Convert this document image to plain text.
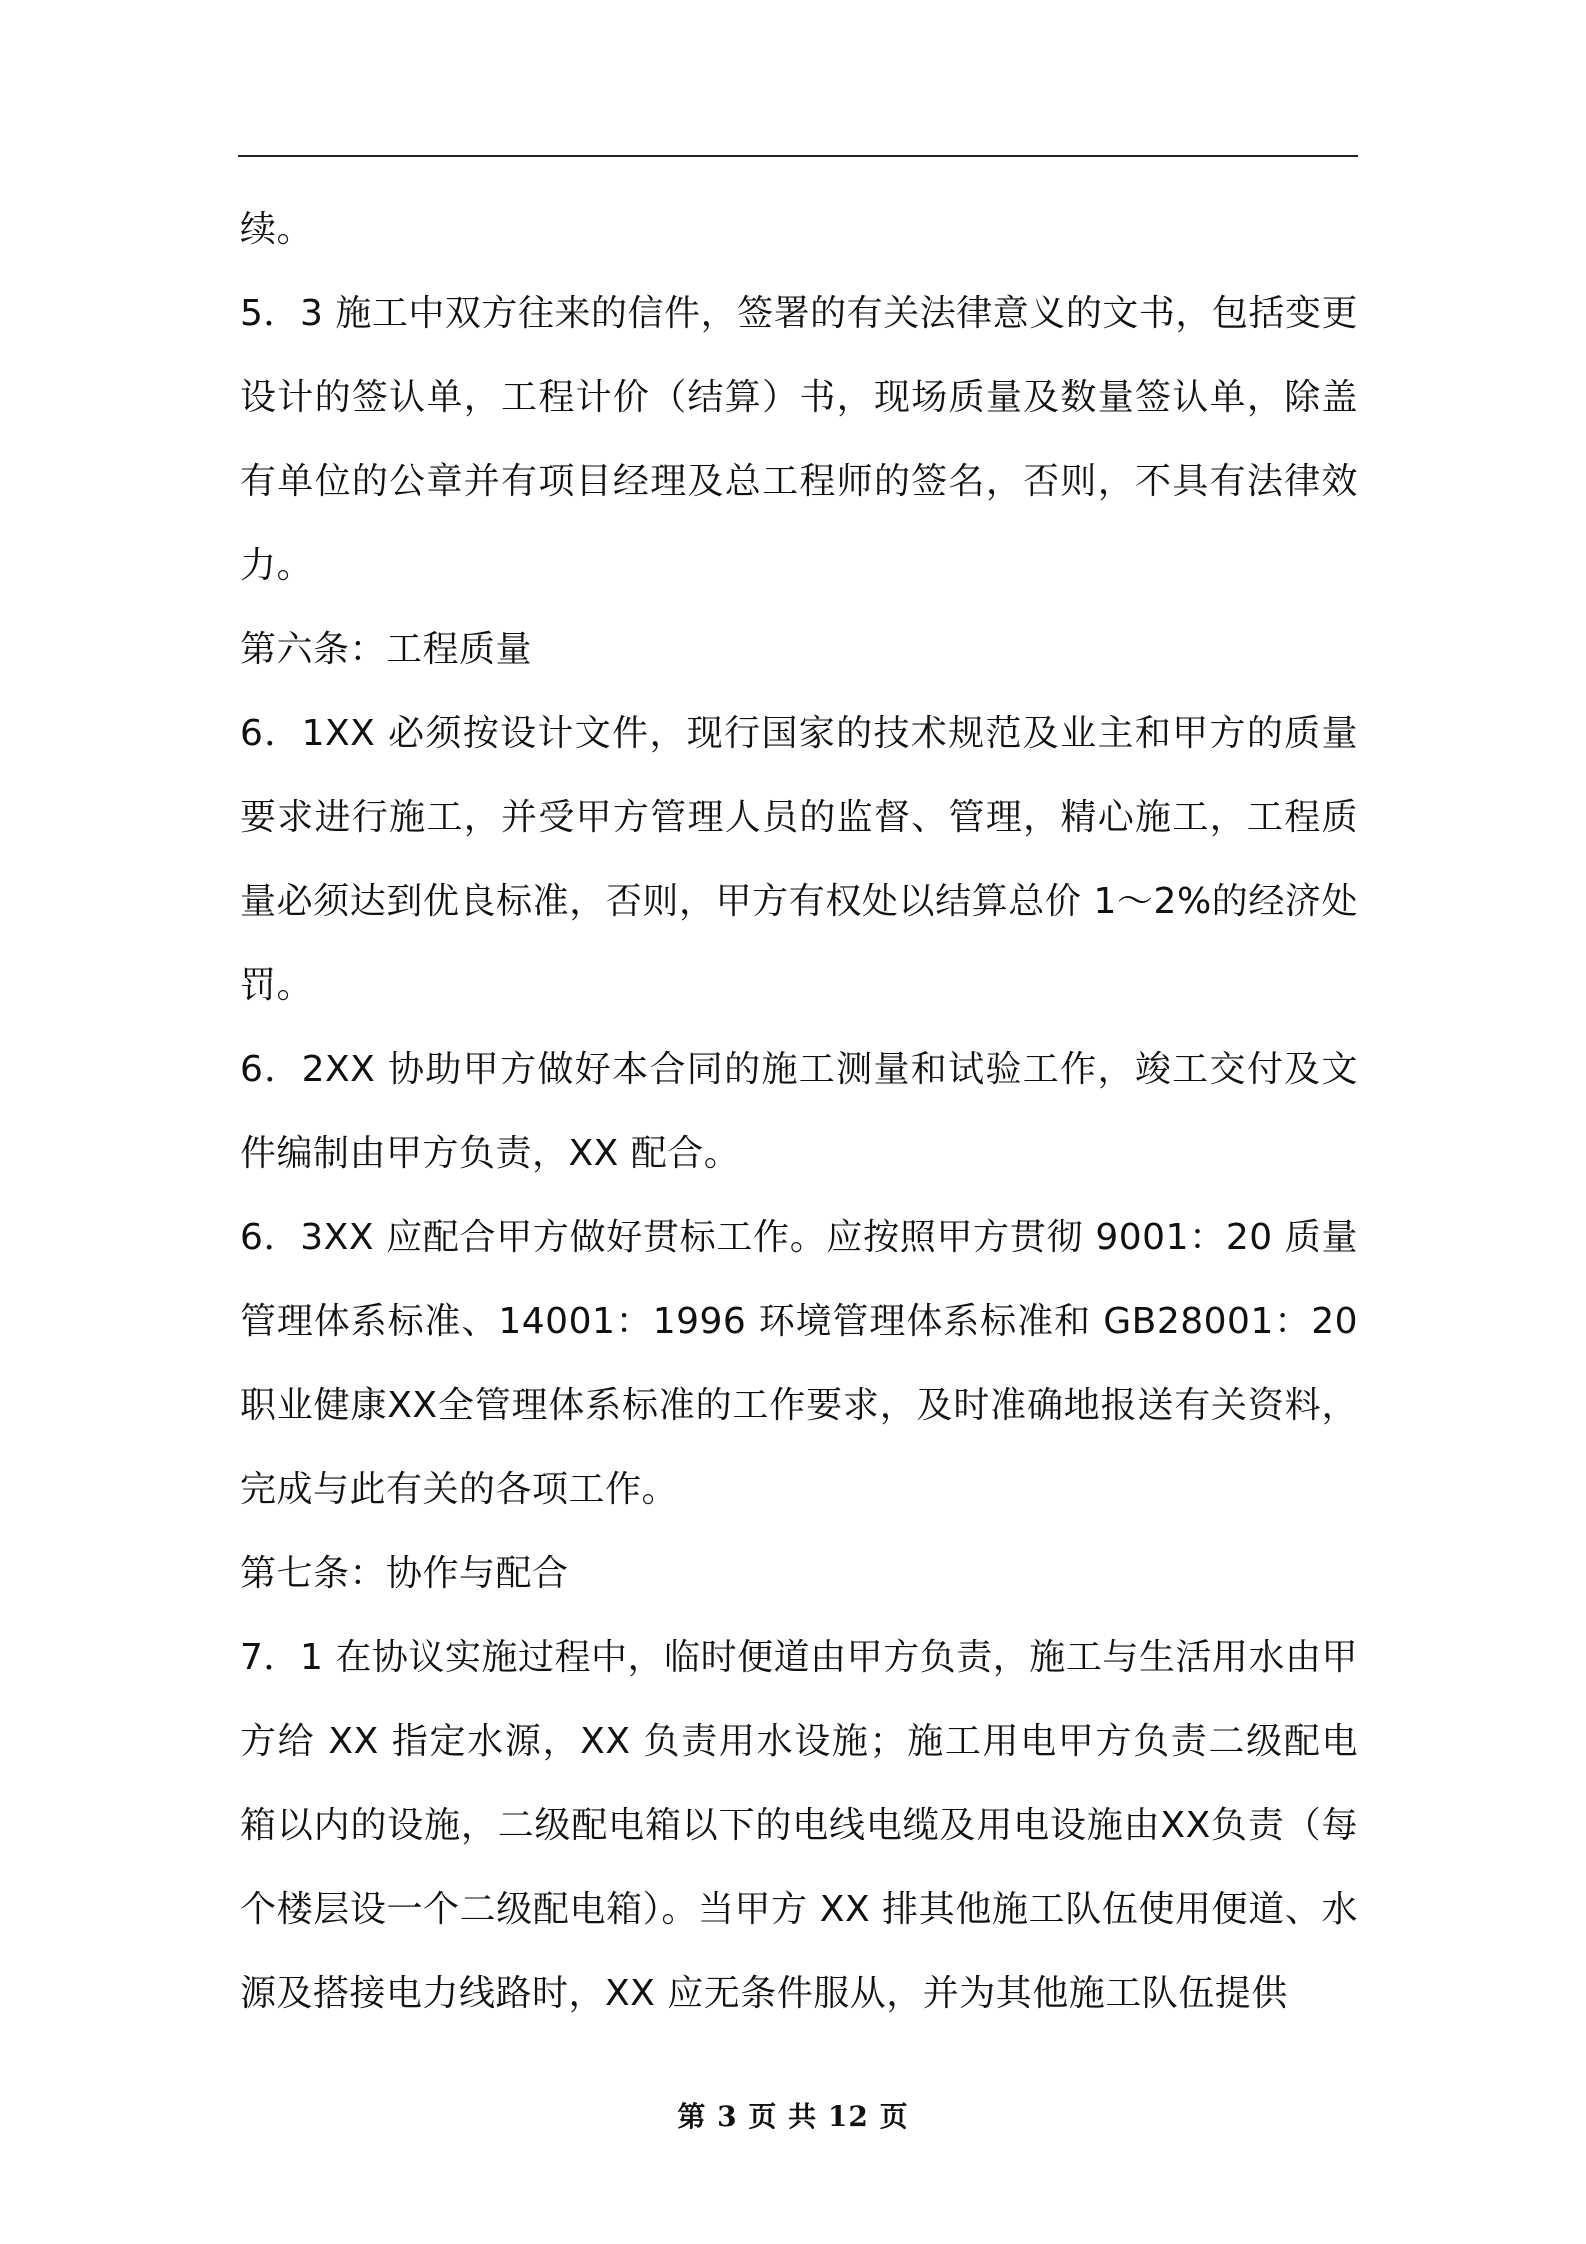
续。

5．3 施工中双方往来的信件，签署的有关法律意义的文书，包括变更设计的签认单，工程计价（结算）书，现场质量及数量签认单，除盖有单位的公章并有项目经理及总工程师的签名，否则，不具有法律效力。

第六条：工程质量

6．1XX 必须按设计文件，现行国家的技术规范及业主和甲方的质量要求进行施工，并受甲方管理人员的监督、管理，精心施工，工程质量必须达到优良标准，否则，甲方有权处以结算总价 1～2%的经济处罚。

6．2XX 协助甲方做好本合同的施工测量和试验工作，竣工交付及文件编制由甲方负责，XX 配合。

6．3XX 应配合甲方做好贯标工作。应按照甲方贯彻 9001：20 质量管理体系标准、14001：1996 环境管理体系标准和 GB28001：20 职业健康XX全管理体系标准的工作要求，及时准确地报送有关资料，完成与此有关的各项工作。

第七条：协作与配合

7．1 在协议实施过程中，临时便道由甲方负责，施工与生活用水由甲方给 XX 指定水源，XX 负责用水设施；施工用电甲方负责二级配电箱以内的设施，二级配电箱以下的电线电缆及用电设施由XX负责（每个楼层设一个二级配电箱）。当甲方 XX 排其他施工队伍使用便道、水源及搭接电力线路时，XX 应无条件服从，并为其他施工队伍提供

第 3 页 共 12 页
